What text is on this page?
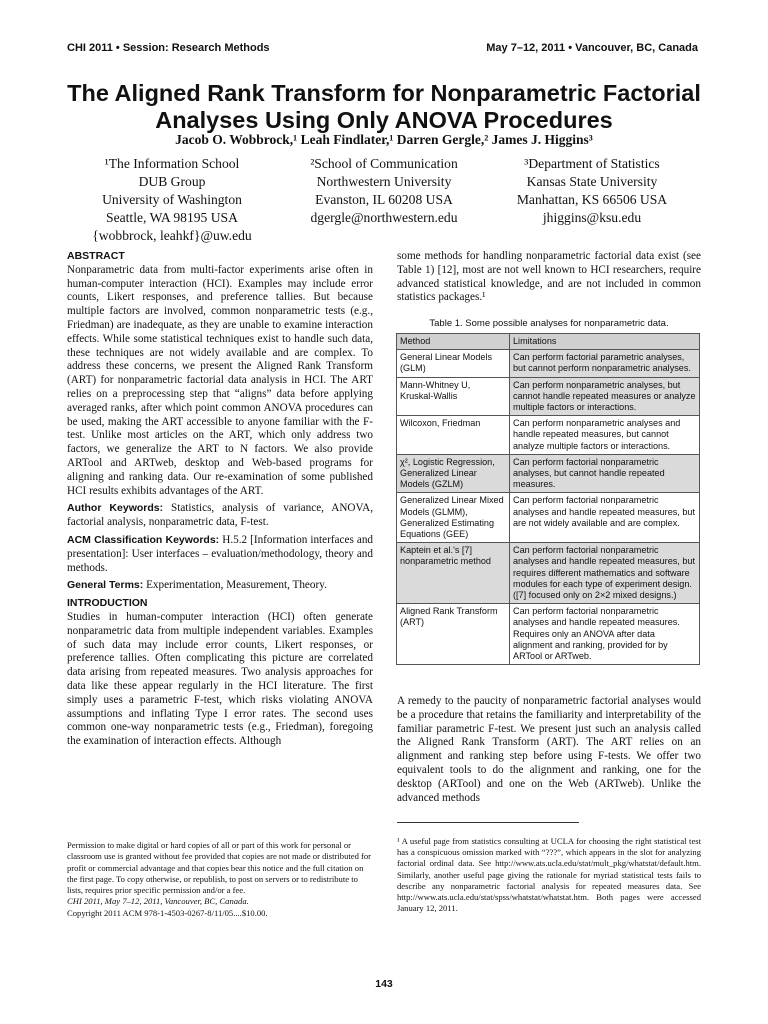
CHI 2011 • Session: Research Methods	May 7–12, 2011 • Vancouver, BC, Canada
The Aligned Rank Transform for Nonparametric Factorial
Analyses Using Only ANOVA Procedures
Jacob O. Wobbrock,¹ Leah Findlater,¹ Darren Gergle,² James J. Higgins³
¹The Information School
DUB Group
University of Washington
Seattle, WA 98195 USA
{wobbrock, leahkf}@uw.edu
²School of Communication
Northwestern University
Evanston, IL 60208 USA
dgergle@northwestern.edu
³Department of Statistics
Kansas State University
Manhattan, KS 66506 USA
jhiggins@ksu.edu
ABSTRACT

Nonparametric data from multi-factor experiments arise often in human-computer interaction (HCI). Examples may include error counts, Likert responses, and preference tallies. But because multiple factors are involved, common nonparametric tests (e.g., Friedman) are inadequate, as they are unable to examine interaction effects. While some statistical techniques exist to handle such data, these techniques are not widely available and are complex. To address these concerns, we present the Aligned Rank Transform (ART) for nonparametric factorial data analysis in HCI. The ART relies on a preprocessing step that “aligns” data before applying averaged ranks, after which point common ANOVA procedures can be used, making the ART accessible to anyone familiar with the F-test. Unlike most articles on the ART, which only address two factors, we generalize the ART to N factors. We also provide ARTool and ARTweb, desktop and Web-based programs for aligning and ranking data. Our re-examination of some published HCI results exhibits advantages of the ART.

Author Keywords: Statistics, analysis of variance, ANOVA, factorial analysis, nonparametric data, F-test.

ACM Classification Keywords: H.5.2 [Information interfaces and presentation]: User interfaces – evaluation/methodology, theory and methods.

General Terms: Experimentation, Measurement, Theory.

INTRODUCTION

Studies in human-computer interaction (HCI) often generate nonparametric data from multiple independent variables. Examples of such data may include error counts, Likert responses, or preference tallies. Often complicating this picture are correlated data arising from repeated measures. Two analysis approaches for data like these appear regularly in the HCI literature. The first simply uses a parametric F-test, which risks violating ANOVA assumptions and inflating Type I error rates. The second uses common one-way nonparametric tests (e.g., Friedman), foregoing the examination of interaction effects. Although

Permission to make digital or hard copies of all or part of this work for personal or classroom use is granted without fee provided that copies are not made or distributed for profit or commercial advantage and that copies bear this notice and the full citation on the first page. To copy otherwise, or republish, to post on servers or to redistribute to lists, requires prior specific permission and/or a fee.
CHI 2011, May 7–12, 2011, Vancouver, BC, Canada.
Copyright 2011 ACM 978-1-4503-0267-8/11/05....$10.00.
some methods for handling nonparametric factorial data exist (see Table 1) [12], most are not well known to HCI researchers, require advanced statistical knowledge, and are not included in common statistics packages.¹
Table 1. Some possible analyses for nonparametric data.
Method	Limitations
General Linear Models (GLM)	Can perform factorial parametric analyses, but cannot perform nonparametric analyses.
Mann-Whitney U, Kruskal-Wallis	Can perform nonparametric analyses, but cannot handle repeated measures or analyze multiple factors or interactions.
Wilcoxon, Friedman	Can perform nonparametric analyses and handle repeated measures, but cannot analyze multiple factors or interactions.
χ², Logistic Regression, Generalized Linear Models (GZLM)	Can perform factorial nonparametric analyses, but cannot handle repeated measures.
Generalized Linear Mixed Models (GLMM), Generalized Estimating Equations (GEE)	Can perform factorial nonparametric analyses and handle repeated measures, but are not widely available and are complex.
Kaptein et al.'s [7] nonparametric method	Can perform factorial nonparametric analyses and handle repeated measures, but requires different mathematics and software modules for each type of experiment design. ([7] focused only on 2×2 mixed designs.)
Aligned Rank Transform (ART)	Can perform factorial nonparametric analyses and handle repeated measures. Requires only an ANOVA after data alignment and ranking, provided for by ARTool or ARTweb.
A remedy to the paucity of nonparametric factorial analyses would be a procedure that retains the familiarity and interpretability of the familiar parametric F-test. We present just such an analysis called the Aligned Rank Transform (ART). The ART relies on an alignment and ranking step before using F-tests. We offer two equivalent tools to do the alignment and ranking, one for the desktop (ARTool) and one on the Web (ARTweb). Unlike the advanced methods
¹ A useful page from statistics consulting at UCLA for choosing the right statistical test has a conspicuous omission marked with “???”, which appears in the slot for analyzing factorial ordinal data. See http://www.ats.ucla.edu/stat/mult_pkg/whatstat/default.htm. Similarly, another useful page giving the rationale for myriad statistical tests fails to describe any nonparametric factorial analysis for repeated measures data. See http://www.ats.ucla.edu/stat/spss/whatstat/whatstat.htm. Both pages were accessed January 12, 2011.
143
